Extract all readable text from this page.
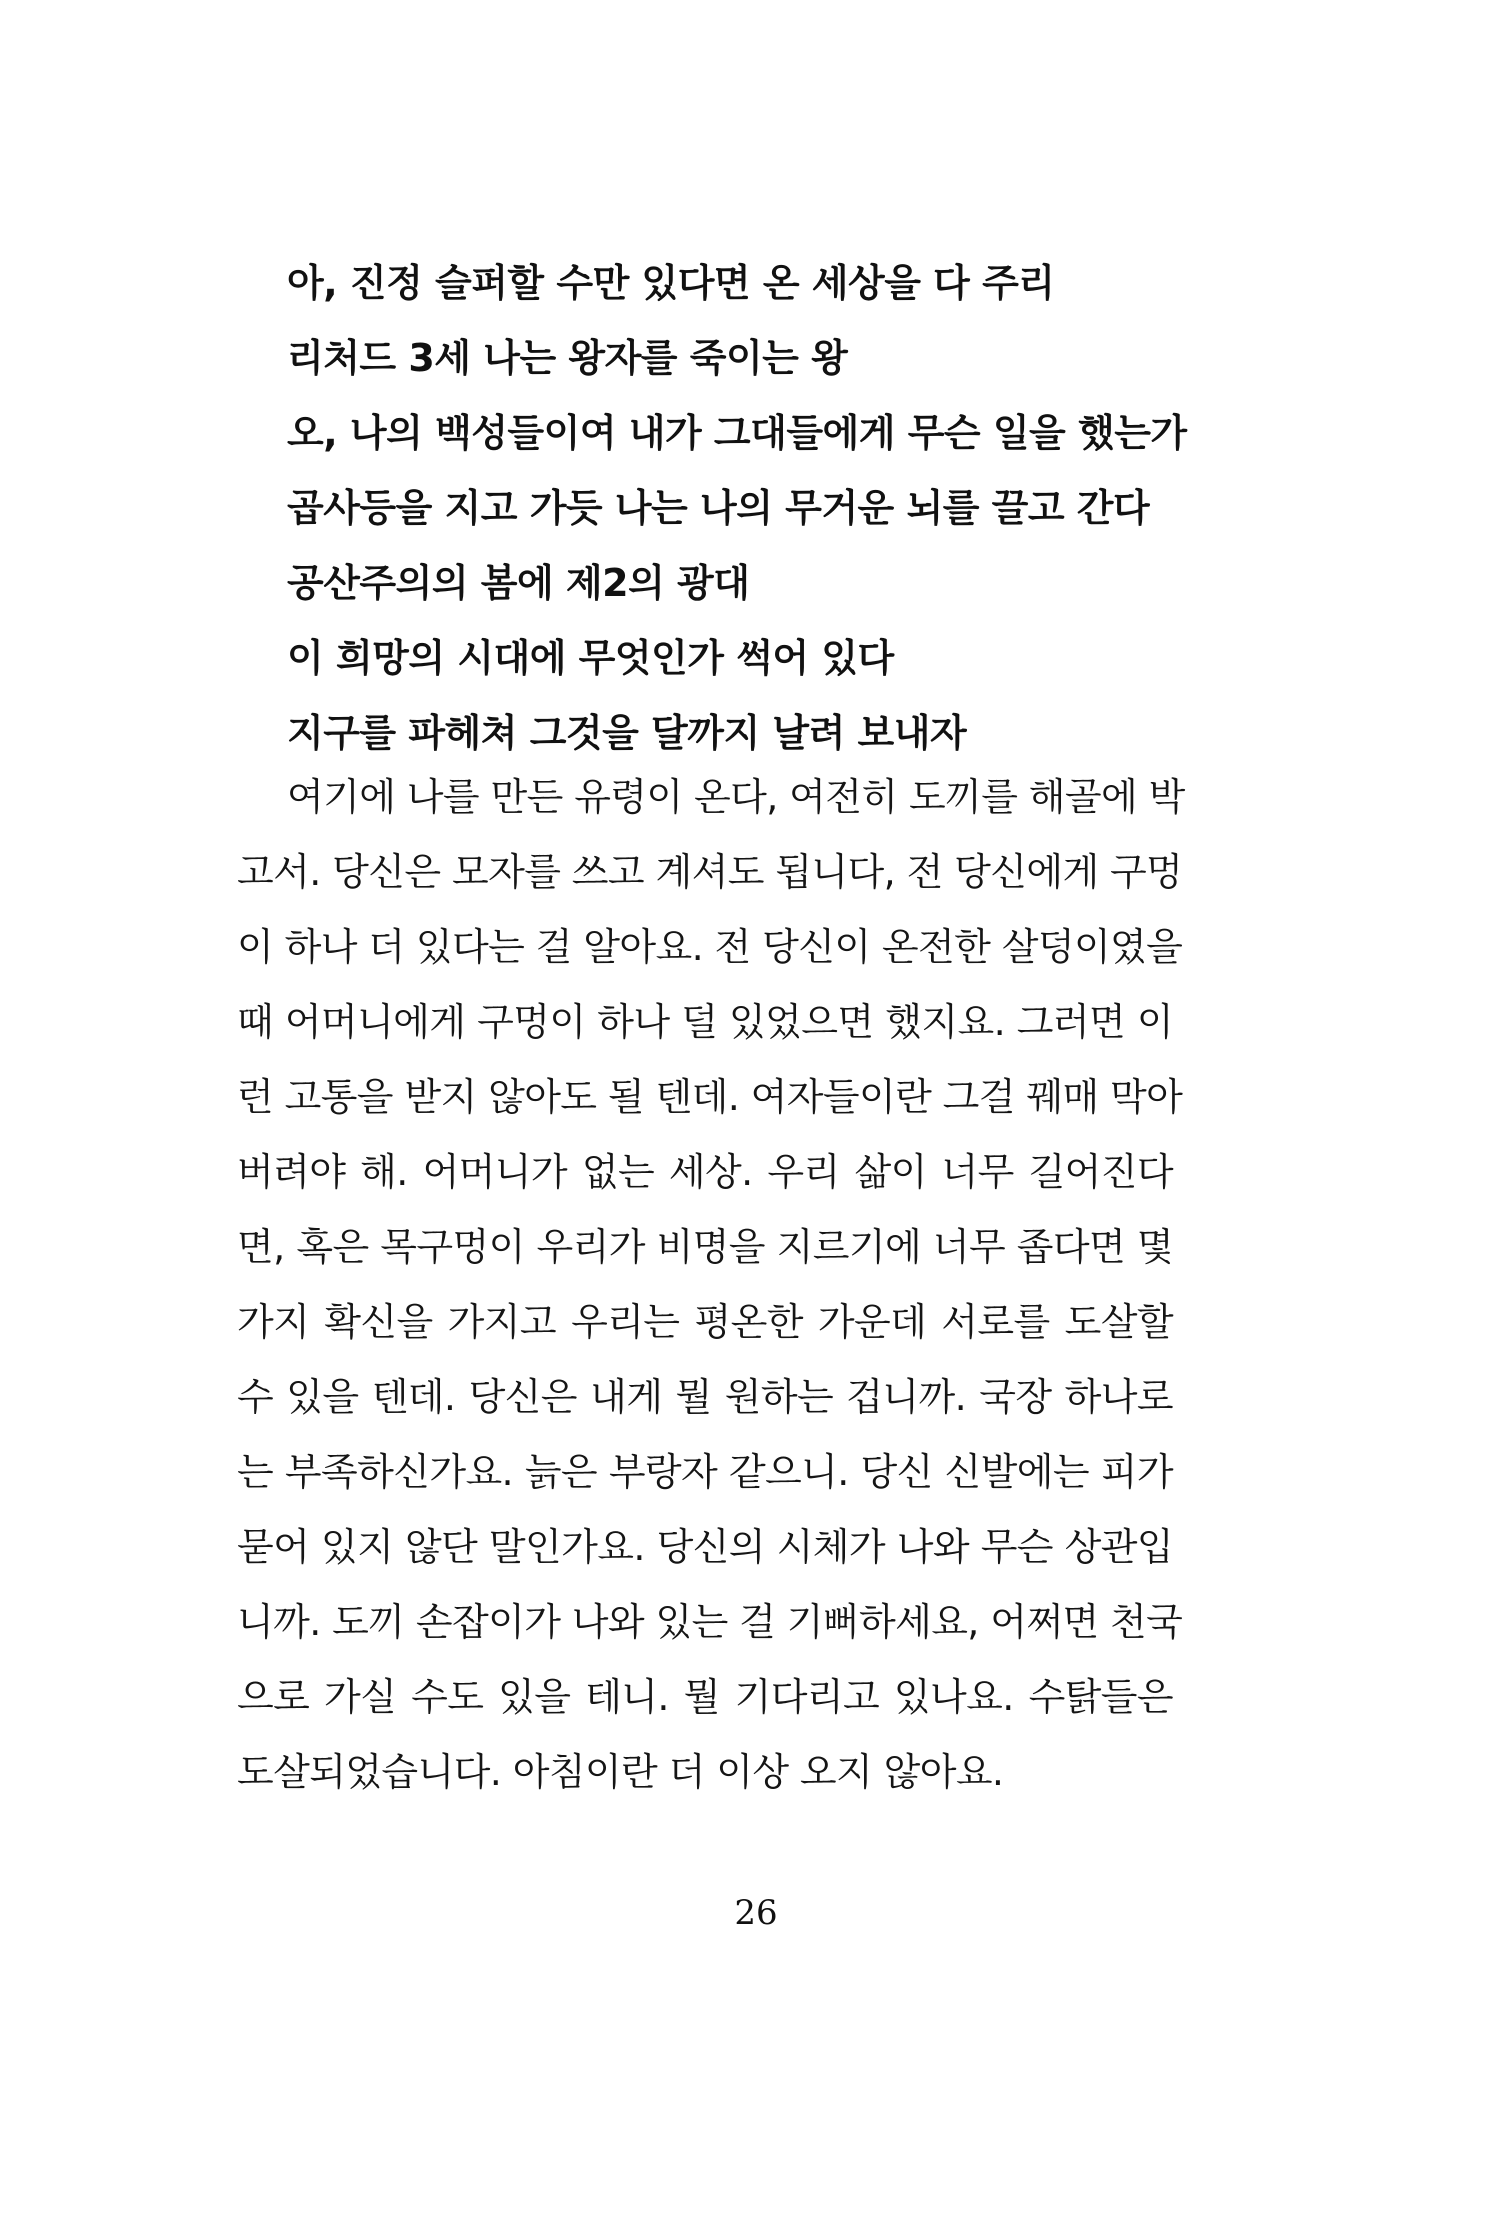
아, 진정 슬퍼할 수만 있다면 온 세상을 다 주리
리처드 3세 나는 왕자를 죽이는 왕
오, 나의 백성들이여 내가 그대들에게 무슨 일을 했는가
곱사등을 지고 가듯 나는 나의 무거운 뇌를 끌고 간다
공산주의의 봄에 제2의 광대
이 희망의 시대에 무엇인가 썩어 있다
지구를 파헤쳐 그것을 달까지 날려 보내자
여기에 나를 만든 유령이 온다, 여전히 도끼를 해골에 박
고서. 당신은 모자를 쓰고 계셔도 됩니다, 전 당신에게 구멍
이 하나 더 있다는 걸 알아요. 전 당신이 온전한 살덩이였을
때 어머니에게 구멍이 하나 덜 있었으면 했지요. 그러면 이
런 고통을 받지 않아도 될 텐데. 여자들이란 그걸 꿰매 막아
버려야 해. 어머니가 없는 세상. 우리 삶이 너무 길어진다
면, 혹은 목구멍이 우리가 비명을 지르기에 너무 좁다면 몇
가지 확신을 가지고 우리는 평온한 가운데 서로를 도살할
수 있을 텐데. 당신은 내게 뭘 원하는 겁니까. 국장 하나로
는 부족하신가요. 늙은 부랑자 같으니. 당신 신발에는 피가
묻어 있지 않단 말인가요. 당신의 시체가 나와 무슨 상관입
니까. 도끼 손잡이가 나와 있는 걸 기뻐하세요, 어쩌면 천국
으로 가실 수도 있을 테니. 뭘 기다리고 있나요. 수탉들은
도살되었습니다. 아침이란 더 이상 오지 않아요.
26
